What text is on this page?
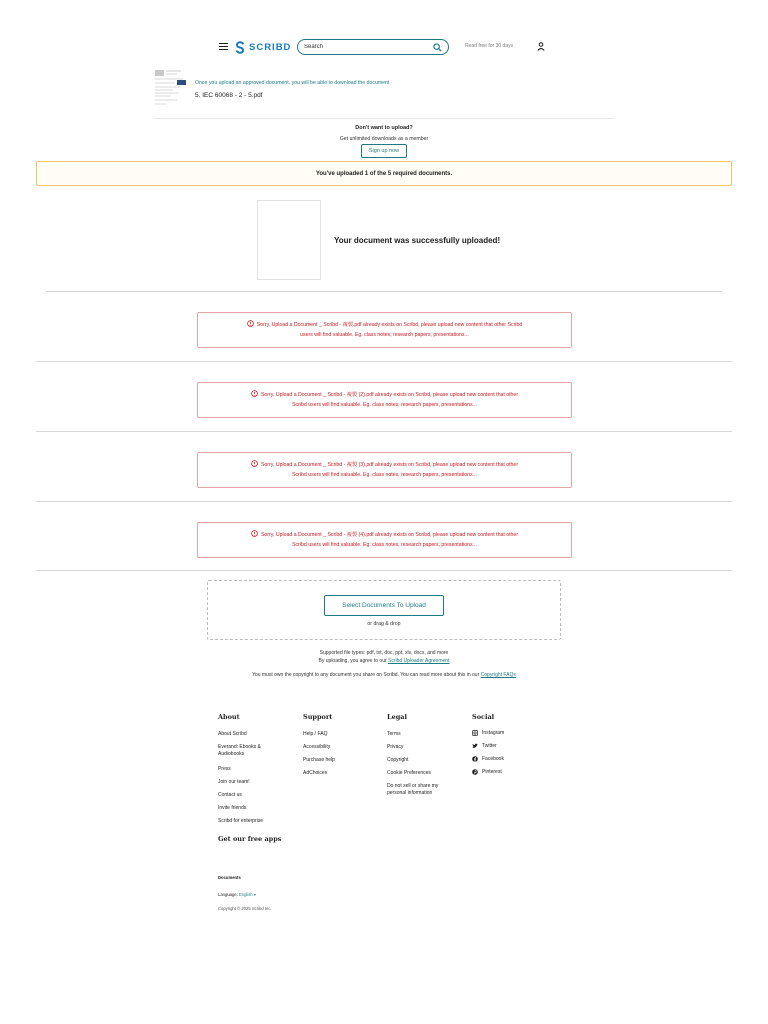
SCRIBD
Search	Read free for 30 days
Once you upload an approved document, you will be able to download the document
5. IEC 60068 - 2 - 5.pdf
Don't want to upload?
Get unlimited downloads as a member
Sign up now
You've uploaded 1 of the 5 required documents.
Your document was successfully uploaded!
Sorry, Upload a Document _ Scribd - 複製.pdf already exists on Scribd, please upload new content that other Scribd
users will find valuable. Eg. class notes, research papers, presentations...
Sorry, Upload a Document _ Scribd - 複製 (2).pdf already exists on Scribd, please upload new content that other
Scribd users will find valuable. Eg. class notes, research papers, presentations...
Sorry, Upload a Document _ Scribd - 複製 (3).pdf already exists on Scribd, please upload new content that other
Scribd users will find valuable. Eg. class notes, research papers, presentations...
Sorry, Upload a Document _ Scribd - 複製 (4).pdf already exists on Scribd, please upload new content that other
Scribd users will find valuable. Eg. class notes, research papers, presentations...
Select Documents To Upload
or drag & drop
Supported file types: pdf, txt, doc, ppt, xls, docx, and more
By uploading, you agree to our Scribd Uploader Agreement
You must own the copyright to any document you share on Scribd. You can read more about this in our Copyright FAQs
About
About Scribd
Everand: Ebooks & Audiobooks
Press
Join our team!
Contact us
Invite friends
Scribd for enterprise
Get our free apps
Support
Help / FAQ
Accessibility
Purchase help
AdChoices
Legal
Terms
Privacy
Copyright
Cookie Preferences
Do not sell or share my personal information
Social
Instagram
Twitter
Facebook
Pinterest
Documents
Language: English ▾
Copyright © 2025 Scribd Inc.
